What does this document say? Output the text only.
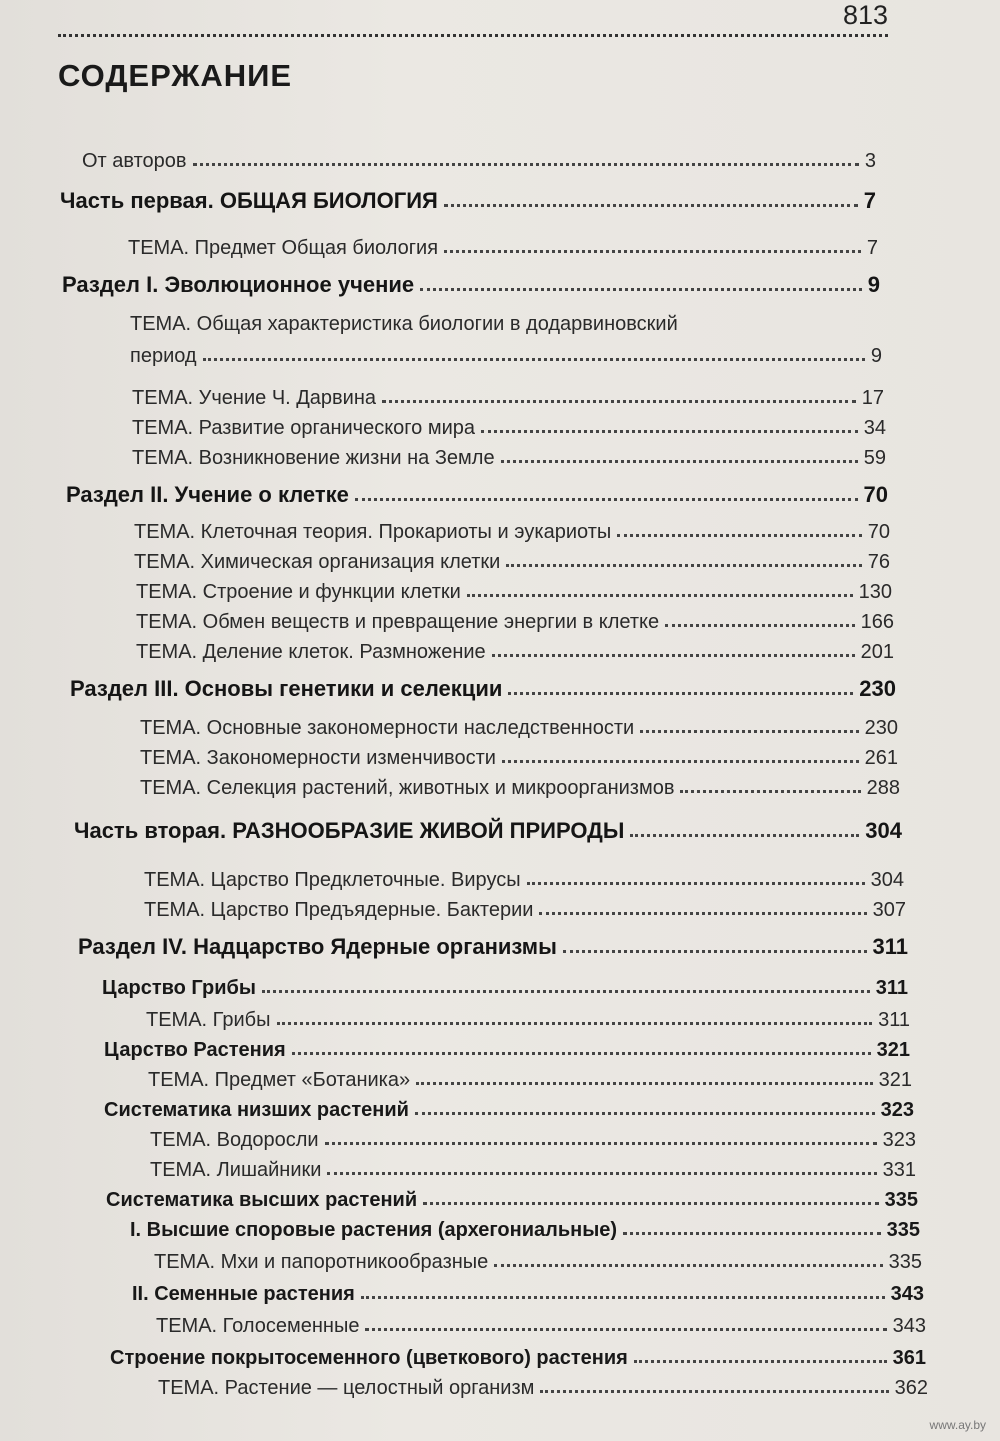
813
СОДЕРЖАНИЕ
От авторов	3
Часть первая. ОБЩАЯ БИОЛОГИЯ	7
ТЕМА. Предмет Общая биология	7
Раздел I. Эволюционное учение	9
ТЕМА. Общая характеристика биологии в додарвиновский
период	9
ТЕМА. Учение Ч. Дарвина	17
ТЕМА. Развитие органического мира	34
ТЕМА. Возникновение жизни на Земле	59
Раздел II. Учение о клетке	70
ТЕМА. Клеточная теория. Прокариоты и эукариоты	70
ТЕМА. Химическая организация клетки	76
ТЕМА. Строение и функции клетки	130
ТЕМА. Обмен веществ и превращение энергии в клетке	166
ТЕМА. Деление клеток. Размножение	201
Раздел III. Основы генетики и селекции	230
ТЕМА. Основные закономерности наследственности	230
ТЕМА. Закономерности изменчивости	261
ТЕМА. Селекция растений, животных и микроорганизмов	288
Часть вторая. РАЗНООБРАЗИЕ ЖИВОЙ ПРИРОДЫ	304
ТЕМА. Царство Предклеточные. Вирусы	304
ТЕМА. Царство Предъядерные. Бактерии	307
Раздел IV. Надцарство Ядерные организмы	311
Царство Грибы	311
ТЕМА. Грибы	311
Царство Растения	321
ТЕМА. Предмет «Ботаника»	321
Систематика низших растений	323
ТЕМА. Водоросли	323
ТЕМА. Лишайники	331
Систематика высших растений	335
I. Высшие споровые растения (архегониальные)	335
ТЕМА. Мхи и папоротникообразные	335
II. Семенные растения	343
ТЕМА. Голосеменные	343
Строение покрытосеменного (цветкового) растения	361
ТЕМА. Растение — целостный организм	362
www.ay.by
